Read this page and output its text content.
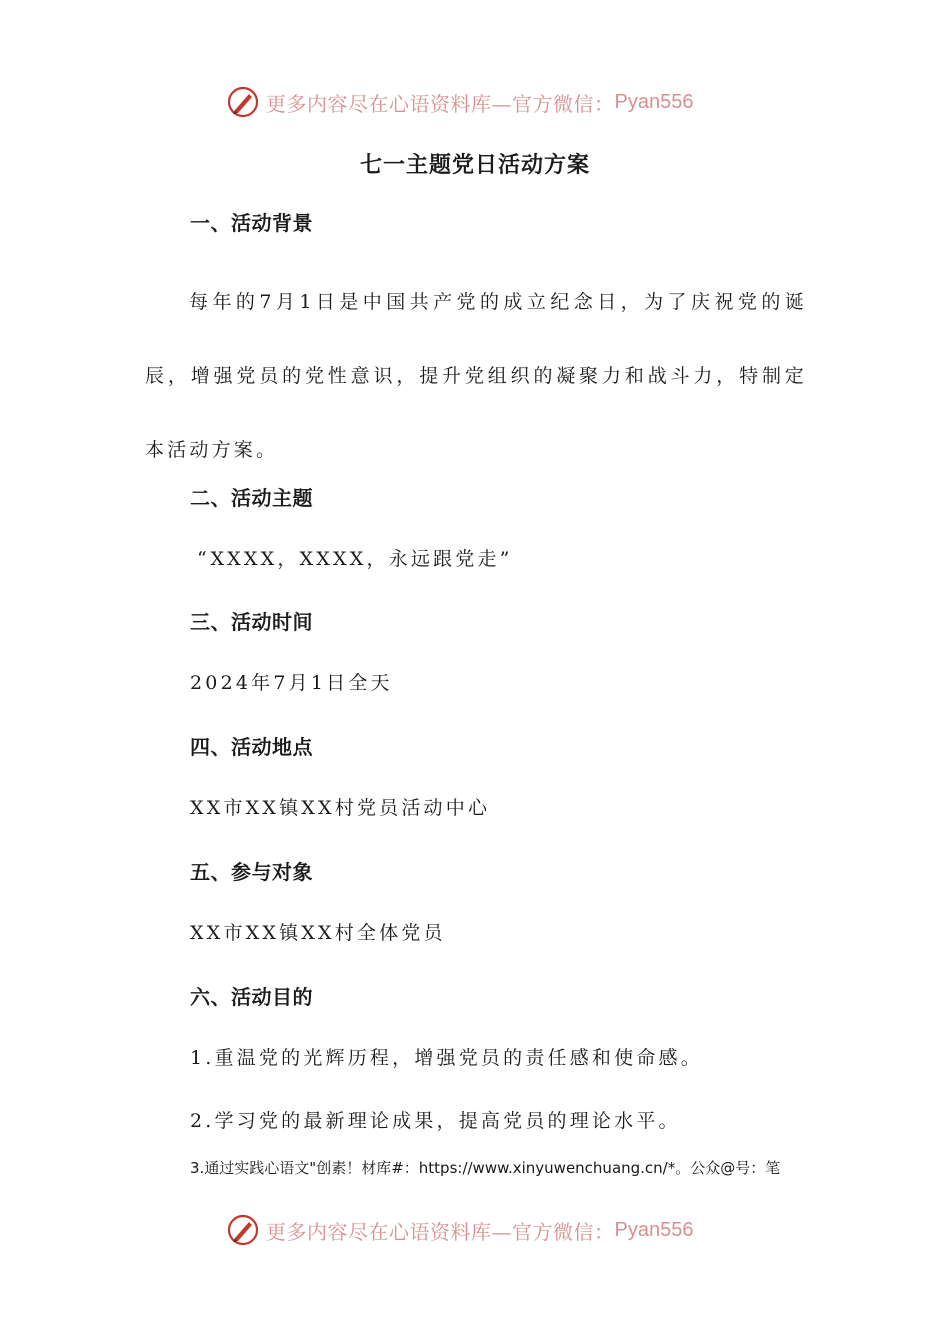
更多内容尽在心语资料库—官方微信： Pyan556
七一主题党日活动方案
一、活动背景

每年的7月1日是中国共产党的成立纪念日，为了庆祝党的诞辰，增强党员的党性意识，提升党组织的凝聚力和战斗力，特制定本活动方案。

二、活动主题

“XXXX，XXXX，永远跟党走”

三、活动时间

2024年7月1日全天

四、活动地点

XX市XX镇XX村党员活动中心

五、参与对象

XX市XX镇XX村全体党员

六、活动目的

1.重温党的光辉历程，增强党员的责任感和使命感。

2.学习党的最新理论成果，提高党员的理论水平。

3.通过实践心语文"创素！材库#：https://www.xinyuwenchuang.cn/*。公众@号：笔

更多内容尽在心语资料库—官方微信： Pyan556
